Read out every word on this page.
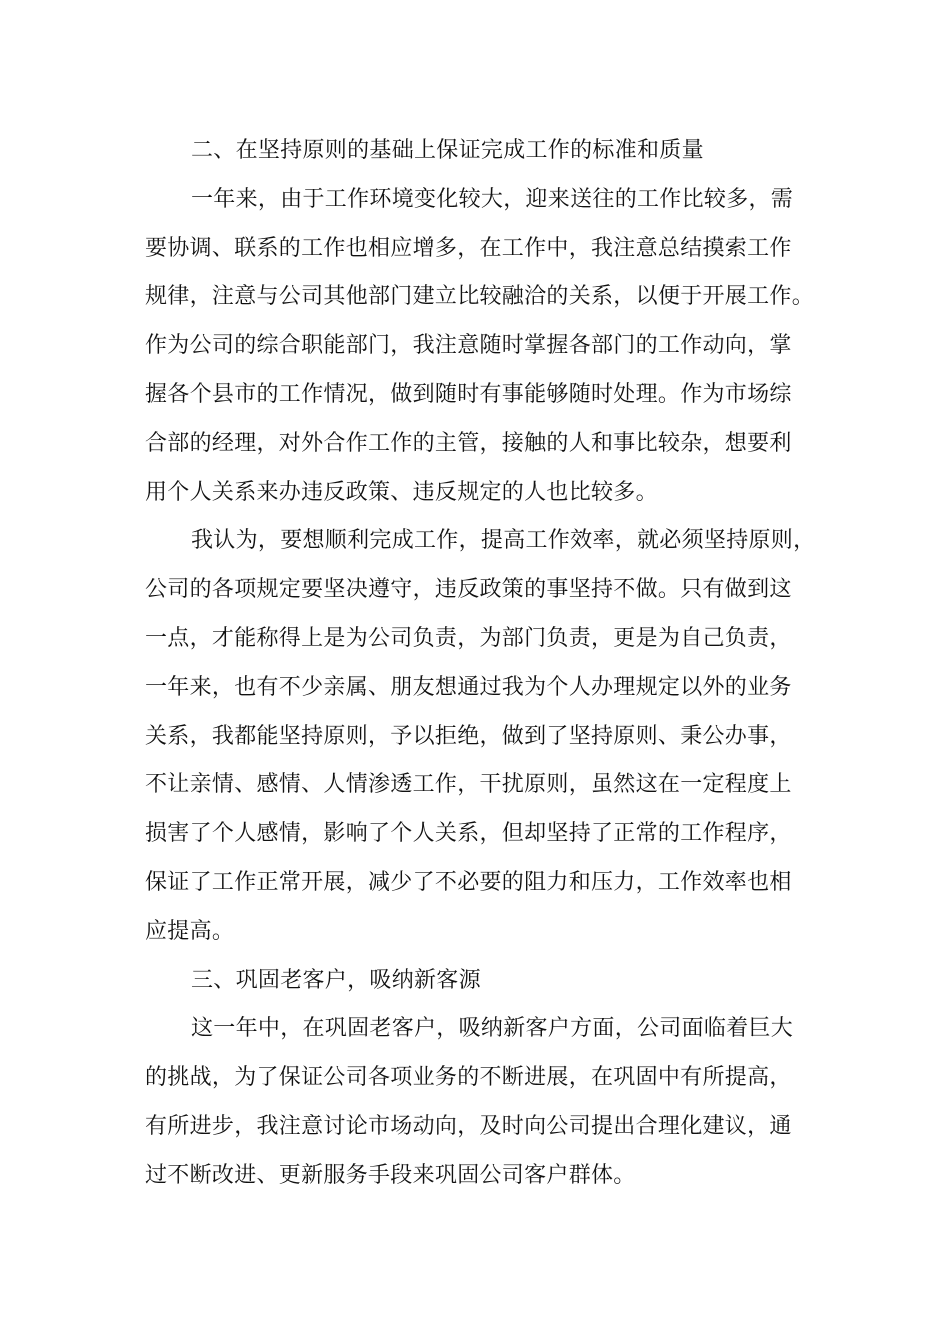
二、在坚持原则的基础上保证完成工作的标准和质量
一年来，由于工作环境变化较大，迎来送往的工作比较多，需
要协调、联系的工作也相应增多，在工作中，我注意总结摸索工作
规律，注意与公司其他部门建立比较融洽的关系，以便于开展工作。
作为公司的综合职能部门，我注意随时掌握各部门的工作动向，掌
握各个县市的工作情况，做到随时有事能够随时处理。作为市场综
合部的经理，对外合作工作的主管，接触的人和事比较杂，想要利
用个人关系来办违反政策、违反规定的人也比较多。
我认为，要想顺利完成工作，提高工作效率，就必须坚持原则，
公司的各项规定要坚决遵守，违反政策的事坚持不做。只有做到这
一点，才能称得上是为公司负责，为部门负责，更是为自己负责，
一年来，也有不少亲属、朋友想通过我为个人办理规定以外的业务
关系，我都能坚持原则，予以拒绝，做到了坚持原则、秉公办事，
不让亲情、感情、人情渗透工作，干扰原则，虽然这在一定程度上
损害了个人感情，影响了个人关系，但却坚持了正常的工作程序，
保证了工作正常开展，减少了不必要的阻力和压力，工作效率也相
应提高。
三、巩固老客户，吸纳新客源
这一年中，在巩固老客户，吸纳新客户方面，公司面临着巨大
的挑战，为了保证公司各项业务的不断进展，在巩固中有所提高，
有所进步，我注意讨论市场动向，及时向公司提出合理化建议，通
过不断改进、更新服务手段来巩固公司客户群体。
